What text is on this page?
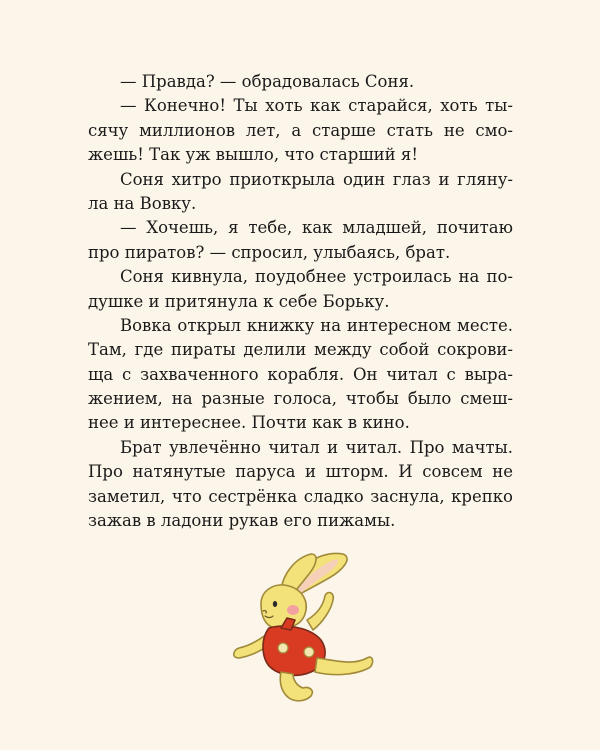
— Правда? — обрадовалась Соня.
— Конечно! Ты хоть как старайся, хоть ты-
сячу миллионов лет, а старше стать не смо-
жешь! Так уж вышло, что старший я!
Соня хитро приоткрыла один глаз и гляну-
ла на Вовку.
— Хочешь, я тебе, как младшей, почитаю
про пиратов? — спросил, улыбаясь, брат.
Соня кивнула, поудобнее устроилась на по-
душке и притянула к себе Борьку.
Вовка открыл книжку на интересном месте.
Там, где пираты делили между собой сокрови-
ща с захваченного корабля. Он читал с выра-
жением, на разные голоса, чтобы было смеш-
нее и интереснее. Почти как в кино.
Брат увлечённо читал и читал. Про мачты.
Про натянутые паруса и шторм. И совсем не
заметил, что сестрёнка сладко заснула, крепко
зажав в ладони рукав его пижамы.
